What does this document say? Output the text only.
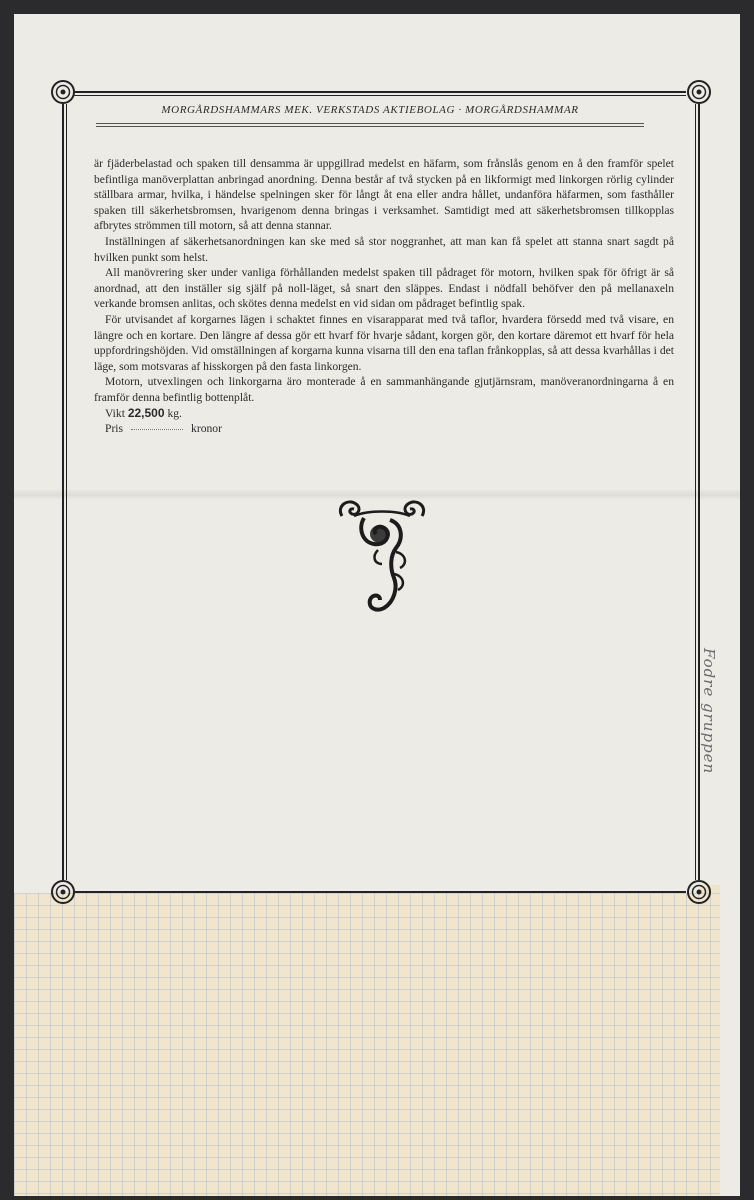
MORGÅRDSHAMMARS MEK. VERKSTADS AKTIEBOLAG · MORGÅRDSHAMMAR

är fjäderbelastad och spaken till densamma är uppgillrad medelst en häfarm, som frånslås genom en å den framför spelet befintliga manöverplattan anbringad anordning. Denna består af två stycken på en likformigt med linkorgen rörlig cylinder ställbara armar, hvilka, i händelse spelningen sker för långt åt ena eller andra hållet, undanföra häfarmen, som fasthåller spaken till säkerhetsbromsen, hvarigenom denna bringas i verksamhet. Samtidigt med att säkerhetsbromsen tillkopplas afbrytes strömmen till motorn, så att denna stannar.

Inställningen af säkerhetsanordningen kan ske med så stor noggranhet, att man kan få spelet att stanna snart sagdt på hvilken punkt som helst.

All manövrering sker under vanliga förhållanden medelst spaken till pådraget för motorn, hvilken spak för öfrigt är så anordnad, att den inställer sig själf på noll-läget, så snart den släppes. Endast i nödfall behöfver den på mellanaxeln verkande bromsen anlitas, och skötes denna medelst en vid sidan om pådraget befintlig spak.

För utvisandet af korgarnes lägen i schaktet finnes en visarapparat med två taflor, hvardera försedd med två visare, en längre och en kortare. Den längre af dessa gör ett hvarf för hvarje sådant, korgen gör, den kortare däremot ett hvarf för hela uppfordringshöjden. Vid omställningen af korgarna kunna visarna till den ena taflan frånkopplas, så att dessa kvarhållas i det läge, som motsvaras af hisskorgen på den fasta linkorgen.

Motorn, utvexlingen och linkorgarna äro monterade å en sammanhängande gjutjärnsram, manöveranordningarna å en framför denna befintlig bottenplåt.

Vikt 22,500 kg.

Pris	kronor

Fodre gruppen
